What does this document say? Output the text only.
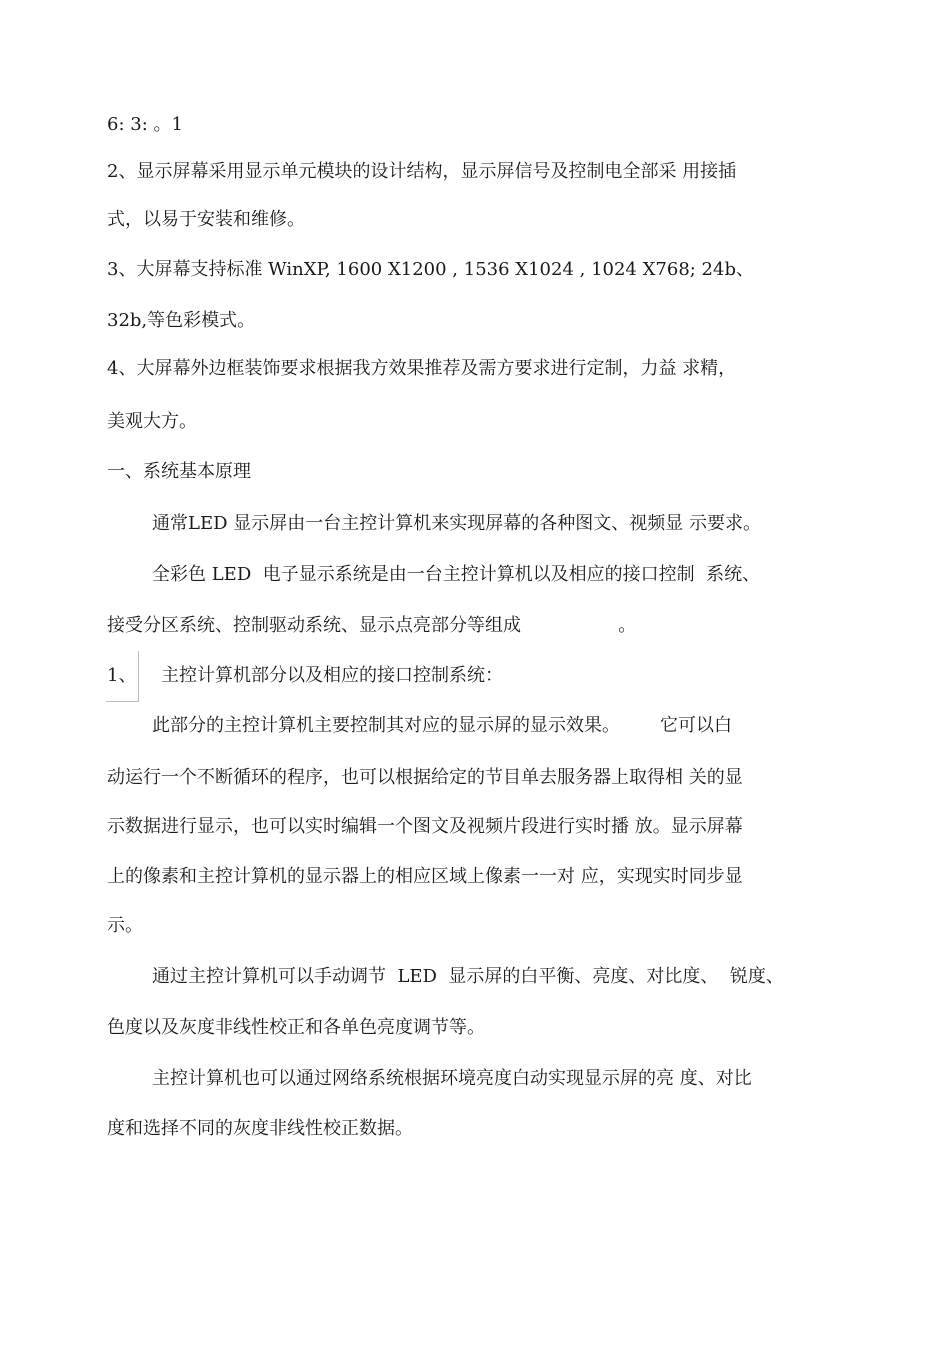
6: 3: 。1
2、显示屏幕采用显示单元模块的设计结构，显示屏信号及控制电全部采 用接插
式，以易于安装和维修。
3、大屏幕支持标准 WinXP, 1600 X1200 , 1536 X1024 , 1024 X768; 24b、
32b,等色彩模式。
4、大屏幕外边框装饰要求根据我方效果推荐及需方要求进行定制，力益 求精，
美观大方。
一、系统基本原理
通常LED 显示屏由一台主控计算机来实现屏幕的各种图文、视频显 示要求。
全彩色 LED  电子显示系统是由一台主控计算机以及相应的接口控制  系统、
接受分区系统、控制驱动系统、显示点亮部分等组成                 。
1、 主控计算机部分以及相应的接口控制系统：
此部分的主控计算机主要控制其对应的显示屏的显示效果。       它可以白
动运行一个不断循环的程序，也可以根据给定的节目单去服务器上取得相 关的显
示数据进行显示，也可以实时编辑一个图文及视频片段进行实时播 放。显示屏幕
上的像素和主控计算机的显示器上的相应区域上像素一一对 应，实现实时同步显
示。
通过主控计算机可以手动调节  LED  显示屏的白平衡、亮度、对比度、  锐度、
色度以及灰度非线性校正和各单色亮度调节等。
主控计算机也可以通过网络系统根据环境亮度白动实现显示屏的亮 度、对比
度和选择不同的灰度非线性校正数据。
